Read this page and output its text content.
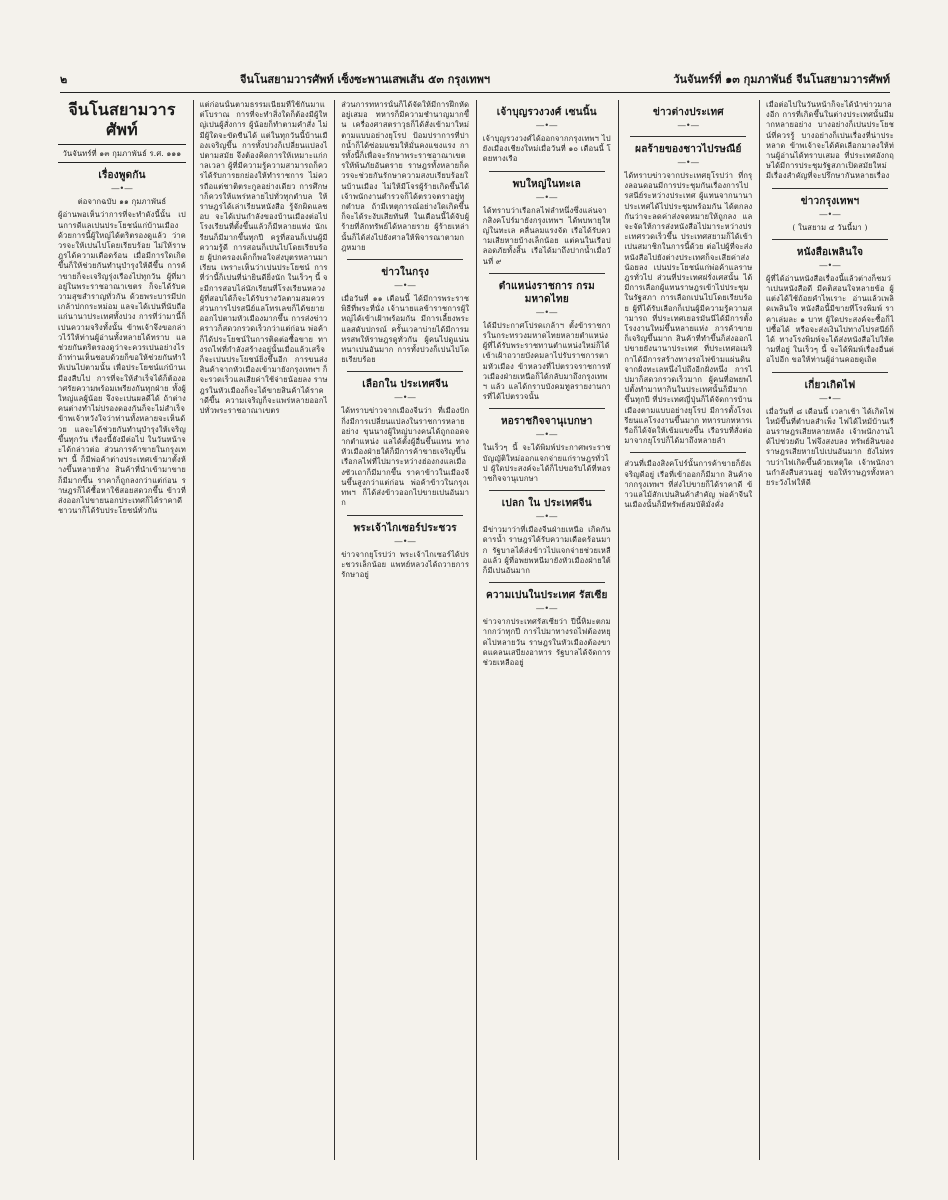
๒	จีนโนสยามวารศัพท์ เซ็งซะพานเสพเส้น ๕๓ กรุงเทพฯ	วันจันทร์ที่ ๑๓ กุมภาพันธ์ จีนโนสยามวารศัพท์
จีนโนสยามวารศัพท์
วันจันทร์ที่ ๑๓ กุมภาพันธ์ ร.ศ. ๑๑๑
เรื่องพูดกัน
―•―
ต่อจากฉบับ ๑๑ กุมภาพันธ์
ผู้อ่านพอเห็นว่าการที่จะทำดังนี้นั้น เปนการดีแลเปนประโยชน์แก่บ้านเมือง ด้วยการนี้ผู้ใหญ่ได้ตริตรองดูแล้ว ว่าควรจะให้เปนไปโดยเรียบร้อย ไม่ให้ราษฎรได้ความเดือดร้อน เมื่อมีการใดเกิดขึ้นก็ให้ช่วยกันทำนุบำรุงให้ดีขึ้น การค้าขายก็จะเจริญรุ่งเรืองไปทุกวัน ผู้ที่มาอยู่ในพระราชอาณาเขตร ก็จะได้รับความสุขสำราญทั่วกัน ด้วยพระบารมีปกเกล้าปกกระหม่อม แลจะได้เปนที่นับถือแก่นานาประเทศทั้งปวง การที่ว่ามานี้ก็เปนความจริงทั้งนั้น ข้าพเจ้าจึงขอกล่าวไว้ให้ท่านผู้อ่านทั้งหลายได้ทราบ แลช่วยกันตริตรองดูว่าจะควรเปนอย่างไร ถ้าท่านเห็นชอบด้วยก็ขอให้ช่วยกันทำให้เปนไปตามนั้น เพื่อประโยชน์แก่บ้านเมืองสืบไป การที่จะให้สำเร็จได้ก็ต้องอาศรัยความพร้อมเพรียงกันทุกฝ่าย ทั้งผู้ใหญ่แลผู้น้อย จึงจะเปนผลดีได้ ถ้าต่างคนต่างทำไม่ปรองดองกันก็จะไม่สำเร็จ ข้าพเจ้าหวังใจว่าท่านทั้งหลายจะเห็นด้วย แลจะได้ช่วยกันทำนุบำรุงให้เจริญขึ้นทุกวัน เรื่องนี้ยังมีต่อไป ในวันหน้าจะได้กล่าวต่อ ส่วนการค้าขายในกรุงเทพฯ นี้ ก็มีพ่อค้าต่างประเทศเข้ามาตั้งห้างขึ้นหลายห้าง สินค้าที่นำเข้ามาขายก็มีมากขึ้น ราคาก็ถูกลงกว่าแต่ก่อน ราษฎรก็ได้ซื้อหาใช้สอยสดวกขึ้น ข้าวที่ส่งออกไปขายนอกประเทศก็ได้ราคาดี ชาวนาก็ได้รับประโยชน์ทั่วกัน
แต่ก่อนนั้นตามธรรมเนียมที่ใช้กันมาแต่โบราณ การที่จะทำสิ่งใดก็ต้องมีผู้ใหญ่เปนผู้สั่งการ ผู้น้อยก็ทำตามคำสั่ง ไม่มีผู้ใดจะขัดขืนได้ แต่ในทุกวันนี้บ้านเมืองเจริญขึ้น การทั้งปวงก็เปลี่ยนแปลงไปตามสมัย จึงต้องคิดการให้เหมาะแก่กาลเวลา ผู้ที่มีความรู้ความสามารถก็ควรได้รับการยกย่องให้ทำราชการ ไม่ควรถือแต่ชาติตระกูลอย่างเดียว การศึกษาก็ควรให้แพร่หลายไปทั่วทุกตำบล ให้ราษฎรได้เล่าเรียนหนังสือ รู้จักผิดแลชอบ จะได้เปนกำลังของบ้านเมืองต่อไป โรงเรียนที่ตั้งขึ้นแล้วก็มีหลายแห่ง นักเรียนก็มีมากขึ้นทุกปี ครูที่สอนก็เปนผู้มีความรู้ดี การสอนก็เปนไปโดยเรียบร้อย ผู้ปกครองเด็กก็พอใจส่งบุตรหลานมาเรียน เพราะเห็นว่าเปนประโยชน์ การที่ว่านี้ก็เปนที่น่ายินดียิ่งนัก ในเร็วๆ นี้ จะมีการสอบไล่นักเรียนที่โรงเรียนหลวง ผู้ที่สอบได้ก็จะได้รับรางวัลตามสมควร ส่วนการไปรสนีย์แลโทรเลขก็ได้ขยายออกไปตามหัวเมืองมากขึ้น การส่งข่าวคราวก็สดวกรวดเร็วกว่าแต่ก่อน พ่อค้าก็ได้ประโยชน์ในการติดต่อซื้อขาย ทางรถไฟที่กำลังสร้างอยู่นั้นเมื่อแล้วเสร็จก็จะเปนประโยชน์ยิ่งขึ้นอีก การขนส่งสินค้าจากหัวเมืองเข้ามายังกรุงเทพฯ ก็จะรวดเร็วแลเสียค่าใช้จ่ายน้อยลง ราษฎรในหัวเมืองก็จะได้ขายสินค้าได้ราคาดีขึ้น ความเจริญก็จะแพร่หลายออกไปทั่วพระราชอาณาเขตร
ส่วนการทหารนั้นก็ได้จัดให้มีการฝึกหัดอยู่เสมอ ทหารก็มีความชำนาญมากขึ้น เครื่องศาสตราวุธก็ได้สั่งเข้ามาใหม่ตามแบบอย่างยุโรป ป้อมปราการที่ปากน้ำก็ได้ซ่อมแซมให้มั่นคงแขงแรง การทั้งนี้ก็เพื่อจะรักษาพระราชอาณาเขตรให้พ้นภัยอันตราย ราษฎรทั้งหลายก็ควรจะช่วยกันรักษาความสงบเรียบร้อยในบ้านเมือง ไม่ให้มีโจรผู้ร้ายเกิดขึ้นได้ เจ้าพนักงานตำรวจก็ได้ตรวจตราอยู่ทุกตำบล ถ้ามีเหตุการณ์อย่างใดเกิดขึ้นก็จะได้ระงับเสียทันที ในเดือนนี้ได้จับผู้ร้ายที่ลักทรัพย์ได้หลายราย ผู้ร้ายเหล่านั้นก็ได้ส่งไปยังศาลให้พิจารณาตามกฎหมาย
ข่าวในกรุง
―•―
เมื่อวันที่ ๑๑ เดือนนี้ ได้มีการพระราชพิธีที่พระที่นั่ง เจ้านายแลข้าราชการผู้ใหญ่ได้เข้าเฝ้าพร้อมกัน มีการเลี้ยงพระแลสดับปกรณ์ ครั้นเวลาบ่ายได้มีการมหรสพให้ราษฎรดูทั่วกัน ผู้คนไปดูแน่นหนาเปนอันมาก การทั้งปวงก็เปนไปโดยเรียบร้อย
เลือกใน ประเทศจีน
―•―
ได้ทราบข่าวจากเมืองจีนว่า ที่เมืองปักกิ่งมีการเปลี่ยนแปลงในราชการหลายอย่าง ขุนนางผู้ใหญ่บางคนได้ถูกถอดจากตำแหน่ง แลได้ตั้งผู้อื่นขึ้นแทน ทางหัวเมืองฝ่ายใต้ก็มีการค้าขายเจริญขึ้น เรือกลไฟที่ไปมาระหว่างฮ่องกงแลเมืองซัวเถาก็มีมากขึ้น ราคาข้าวในเมืองจีนขึ้นสูงกว่าแต่ก่อน พ่อค้าข้าวในกรุงเทพฯ ก็ได้ส่งข้าวออกไปขายเปนอันมาก
พระเจ้าไกเซอร์ประชวร
―•―
ข่าวจากยุโรปว่า พระเจ้าไกเซอร์ได้ประชวรเล็กน้อย แพทย์หลวงได้ถวายการรักษาอยู่
เจ้าบุญรวงวงศ์ เซนนิ้น
―•―
เจ้าบุญรวงวงศ์ได้ออกจากกรุงเทพฯ ไปยังเมืองเชียงใหม่เมื่อวันที่ ๑๐ เดือนนี้ โดยทางเรือ
พบใหญ่ในทะเล
―•―
ได้ทราบว่าเรือกลไฟลำหนึ่งซึ่งแล่นจากสิงคโปร์มายังกรุงเทพฯ ได้พบพายุใหญ่ในทะเล คลื่นลมแรงจัด เรือได้รับความเสียหายบ้างเล็กน้อย แต่คนในเรือปลอดภัยทั้งสิ้น เรือได้มาถึงปากน้ำเมื่อวันที่ ๙
ตำแหน่งราชการ กรมมหาดไทย
―•―
ได้มีประกาศโปรดเกล้าฯ ตั้งข้าราชการในกระทรวงมหาดไทยหลายตำแหน่ง ผู้ที่ได้รับพระราชทานตำแหน่งใหม่ก็ได้เข้าเฝ้าถวายบังคมลาไปรับราชการตามหัวเมือง ข้าหลวงที่ไปตรวจราชการหัวเมืองฝ่ายเหนือก็ได้กลับมาถึงกรุงเทพฯ แล้ว แลได้กราบบังคมทูลรายงานการที่ได้ไปตรวจนั้น
หอราชกิจจานุเบกษา
―•―
ในเร็วๆ นี้ จะได้พิมพ์ประกาศพระราชบัญญัติใหม่ออกแจกจ่ายแก่ราษฎรทั่วไป ผู้ใดประสงค์จะได้ก็ไปขอรับได้ที่หอราชกิจจานุเบกษา
เปลก ใน ประเทศจีน
―•―
มีข่าวมาว่าที่เมืองจีนฝ่ายเหนือ เกิดกันดารน้ำ ราษฎรได้รับความเดือดร้อนมาก รัฐบาลได้ส่งข้าวไปแจกจ่ายช่วยเหลือแล้ว ผู้ที่อพยพหนีมายังหัวเมืองฝ่ายใต้ก็มีเปนอันมาก
ความเปนในประเทศ รัสเซีย
―•―
ข่าวจากประเทศรัสเซียว่า ปีนี้หิมะตกมากกว่าทุกปี การไปมาทางรถไฟต้องหยุดไปหลายวัน ราษฎรในหัวเมืองต้องขาดแคลนเสบียงอาหาร รัฐบาลได้จัดการช่วยเหลืออยู่
ข่าวต่างประเทศ
―•―
ผลร้ายของชาวไปรษณีย์
―•―
ได้ทราบข่าวจากประเทศยุโรปว่า ที่กรุงลอนดอนมีการประชุมกันเรื่องการไปรสนีย์ระหว่างประเทศ ผู้แทนจากนานาประเทศได้ไปประชุมพร้อมกัน ได้ตกลงกันว่าจะลดค่าส่งจดหมายให้ถูกลง แลจะจัดให้การส่งหนังสือไปมาระหว่างประเทศรวดเร็วขึ้น ประเทศสยามก็ได้เข้าเปนสมาชิกในการนี้ด้วย ต่อไปผู้ที่จะส่งหนังสือไปยังต่างประเทศก็จะเสียค่าส่งน้อยลง เปนประโยชน์แก่พ่อค้าแลราษฎรทั่วไป ส่วนที่ประเทศฝรั่งเศสนั้น ได้มีการเลือกผู้แทนราษฎรเข้าไปประชุมในรัฐสภา การเลือกเปนไปโดยเรียบร้อย ผู้ที่ได้รับเลือกก็เปนผู้มีความรู้ความสามารถ ที่ประเทศเยอรมันนีได้มีการตั้งโรงงานใหม่ขึ้นหลายแห่ง การค้าขายก็เจริญขึ้นมาก สินค้าที่ทำขึ้นก็ส่งออกไปขายยังนานาประเทศ ที่ประเทศอเมริกาได้มีการสร้างทางรถไฟข้ามแผ่นดินจากฝั่งทะเลหนึ่งไปถึงอีกฝั่งหนึ่ง การไปมาก็สดวกรวดเร็วมาก ผู้คนที่อพยพไปตั้งทำมาหากินในประเทศนั้นก็มีมากขึ้นทุกปี ที่ประเทศญี่ปุ่นก็ได้จัดการบ้านเมืองตามแบบอย่างยุโรป มีการตั้งโรงเรียนแลโรงงานขึ้นมาก ทหารบกทหารเรือก็ได้จัดให้เข้มแขงขึ้น เรือรบที่สั่งต่อมาจากยุโรปก็ได้มาถึงหลายลำ
ส่วนที่เมืองสิงคโปร์นั้นการค้าขายก็ยังเจริญดีอยู่ เรือที่เข้าออกก็มีมาก สินค้าจากกรุงเทพฯ ที่ส่งไปขายก็ได้ราคาดี ข้าวแลไม้สักเปนสินค้าสำคัญ พ่อค้าจีนในเมืองนั้นก็มีทรัพย์สมบัติมั่งคั่ง
เมื่อต่อไปในวันหน้าก็จะได้นำข่าวมาลงอีก การที่เกิดขึ้นในต่างประเทศนั้นมีมากหลายอย่าง บางอย่างก็เปนประโยชน์ที่ควรรู้ บางอย่างก็เปนเรื่องที่น่าประหลาด ข้าพเจ้าจะได้คัดเลือกมาลงให้ท่านผู้อ่านได้ทราบเสมอ ที่ประเทศอังกฤษได้มีการประชุมรัฐสภาเปิดสมัยใหม่ มีเรื่องสำคัญที่จะปรึกษากันหลายเรื่อง
ข่าวกรุงเทพฯ
―•―
( ในสยาม ๔ วันนี้มา )
หนังสือเพลินใจ
―•―
ผู้ที่ได้อ่านหนังสือเรื่องนี้แล้วต่างก็ชมว่าเปนหนังสือดี มีคติสอนใจหลายข้อ ผู้แต่งได้ใช้ถ้อยคำไพเราะ อ่านแล้วเพลิดเพลินใจ หนังสือนี้มีขายที่โรงพิมพ์ ราคาเล่มละ ๑ บาท ผู้ใดประสงค์จะซื้อก็ไปซื้อได้ หรือจะส่งเงินไปทางไปรสนีย์ก็ได้ ทางโรงพิมพ์จะได้ส่งหนังสือไปให้ตามที่อยู่ ในเร็วๆ นี้ จะได้พิมพ์เรื่องอื่นต่อไปอีก ขอให้ท่านผู้อ่านคอยดูเถิด
เกี่ยวเกิดไฟ
―•―
เมื่อวันที่ ๘ เดือนนี้ เวลาเช้า ได้เกิดไฟไหม้ขึ้นที่ตำบลสำเพ็ง ไฟได้ไหม้บ้านเรือนราษฎรเสียหลายหลัง เจ้าพนักงานได้ไปช่วยดับ ไฟจึงสงบลง ทรัพย์สินของราษฎรเสียหายไปเปนอันมาก ยังไม่ทราบว่าไฟเกิดขึ้นด้วยเหตุใด เจ้าพนักงานกำลังสืบสวนอยู่ ขอให้ราษฎรทั้งหลายระวังไฟให้ดี
